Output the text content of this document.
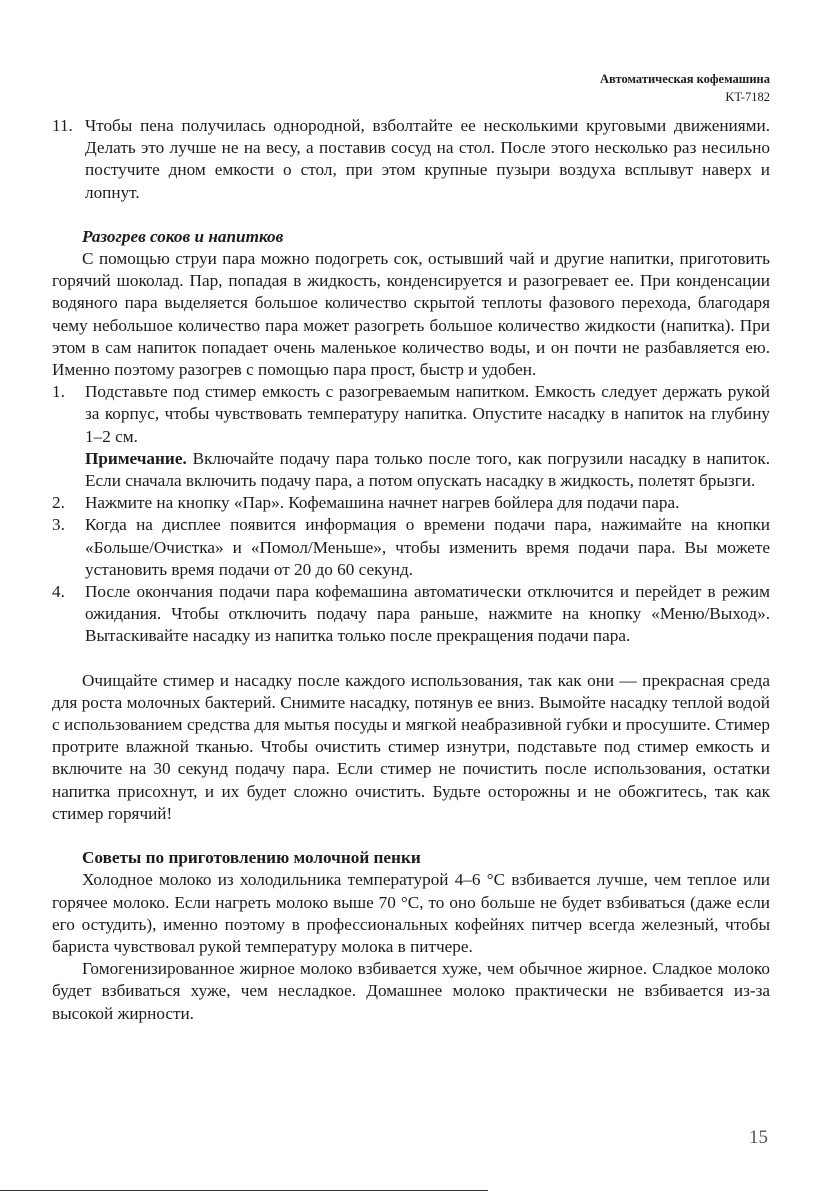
Автоматическая кофемашина
KT-7182
11. Чтобы пена получилась однородной, взболтайте ее несколькими круговыми движениями. Делать это лучше не на весу, а поставив сосуд на стол. После этого несколько раз несильно постучите дном емкости о стол, при этом крупные пузыри воздуха всплывут наверх и лопнут.

Разогрев соков и напитков

С помощью струи пара можно подогреть сок, остывший чай и другие напитки, приготовить горячий шоколад. Пар, попадая в жидкость, конденсируется и разогревает ее. При конденсации водяного пара выделяется большое количество скрытой теплоты фазового перехода, благодаря чему небольшое количество пара может разогреть большое количество жидкости (напитка). При этом в сам напиток попадает очень маленькое количество воды, и он почти не разбавляется ею. Именно поэтому разогрев с помощью пара прост, быстр и удобен.

1. Подставьте под стимер емкость с разогреваемым напитком. Емкость следует держать рукой за корпус, чтобы чувствовать температуру напитка. Опустите насадку в напиток на глубину 1–2 см.

Примечание. Включайте подачу пара только после того, как погрузили насадку в напиток. Если сначала включить подачу пара, а потом опускать насадку в жидкость, полетят брызги.

2. Нажмите на кнопку «Пар». Кофемашина начнет нагрев бойлера для подачи пара.

3. Когда на дисплее появится информация о времени подачи пара, нажимайте на кнопки «Больше/Очистка» и «Помол/Меньше», чтобы изменить время подачи пара. Вы можете установить время подачи от 20 до 60 секунд.

4. После окончания подачи пара кофемашина автоматически отключится и перейдет в режим ожидания. Чтобы отключить подачу пара раньше, нажмите на кнопку «Меню/Выход». Вытаскивайте насадку из напитка только после прекращения подачи пара.

Очищайте стимер и насадку после каждого использования, так как они — прекрасная среда для роста молочных бактерий. Снимите насадку, потянув ее вниз. Вымойте насадку теплой водой с использованием средства для мытья посуды и мягкой неабразивной губки и просушите. Стимер протрите влажной тканью. Чтобы очистить стимер изнутри, подставьте под стимер емкость и включите на 30 секунд подачу пара. Если стимер не почистить после использования, остатки напитка присохнут, и их будет сложно очистить. Будьте осторожны и не обожгитесь, так как стимер горячий!

Советы по приготовлению молочной пенки

Холодное молоко из холодильника температурой 4–6 °С взбивается лучше, чем теплое или горячее молоко. Если нагреть молоко выше 70 °С, то оно больше не будет взбиваться (даже если его остудить), именно поэтому в профессиональных кофейнях питчер всегда железный, чтобы бариста чувствовал рукой температуру молока в питчере.

Гомогенизированное жирное молоко взбивается хуже, чем обычное жирное. Сладкое молоко будет взбиваться хуже, чем несладкое. Домашнее молоко практически не взбивается из-за высокой жирности.

15
